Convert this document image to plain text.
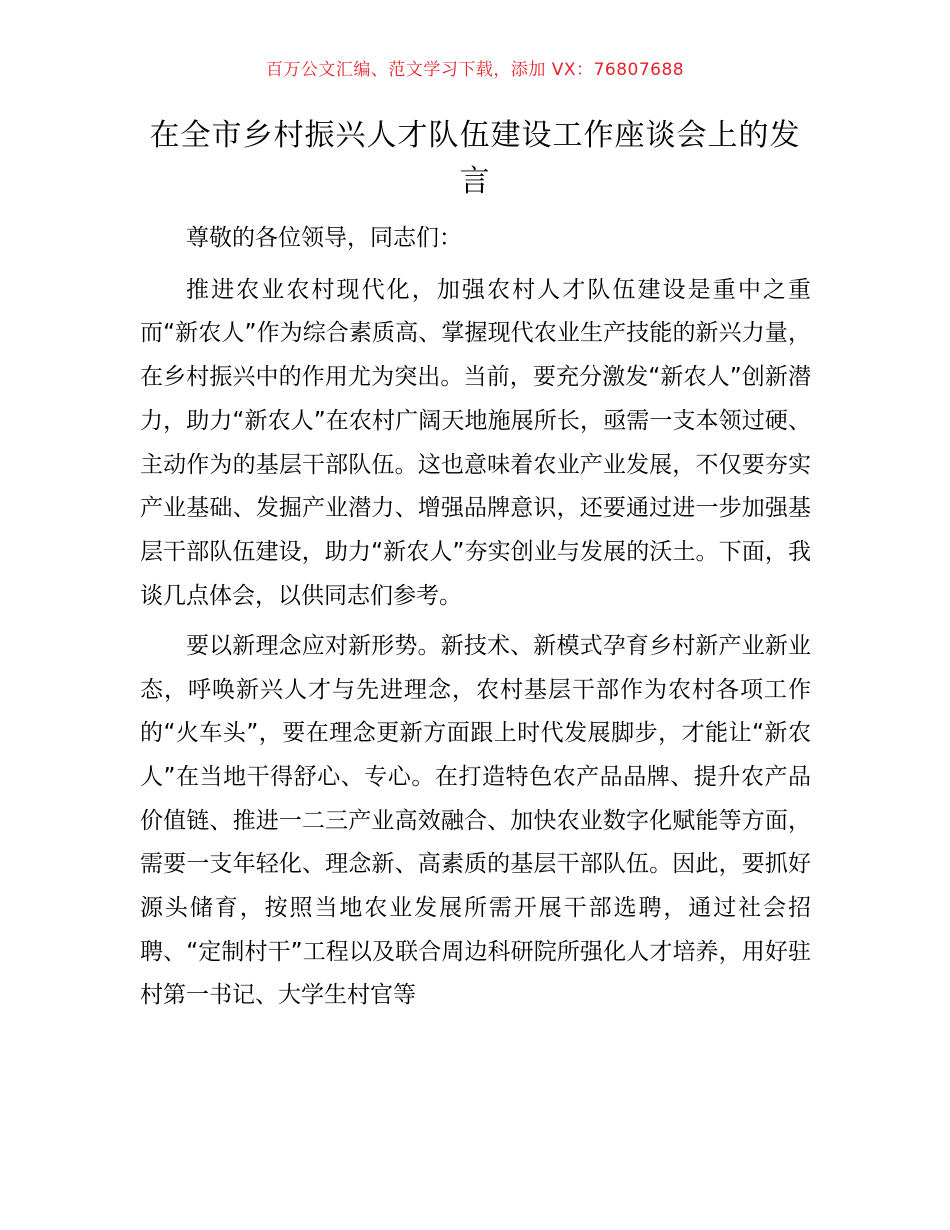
百万公文汇编、范文学习下载，添加 VX：76807688
在全市乡村振兴人才队伍建设工作座谈会上的发言

尊敬的各位领导，同志们：

推进农业农村现代化，加强农村人才队伍建设是重中之重而“新农人”作为综合素质高、掌握现代农业生产技能的新兴力量，在乡村振兴中的作用尤为突出。当前，要充分激发“新农人”创新潜力，助力“新农人”在农村广阔天地施展所长，亟需一支本领过硬、主动作为的基层干部队伍。这也意味着农业产业发展，不仅要夯实产业基础、发掘产业潜力、增强品牌意识，还要通过进一步加强基层干部队伍建设，助力“新农人”夯实创业与发展的沃土。下面，我谈几点体会，以供同志们参考。

要以新理念应对新形势。新技术、新模式孕育乡村新产业新业态，呼唤新兴人才与先进理念，农村基层干部作为农村各项工作的“火车头”，要在理念更新方面跟上时代发展脚步，才能让“新农人”在当地干得舒心、专心。在打造特色农产品品牌、提升农产品价值链、推进一二三产业高效融合、加快农业数字化赋能等方面，需要一支年轻化、理念新、高素质的基层干部队伍。因此，要抓好源头储育，按照当地农业发展所需开展干部选聘，通过社会招聘、“定制村干”工程以及联合周边科研院所强化人才培养，用好驻村第一书记、大学生村官等
